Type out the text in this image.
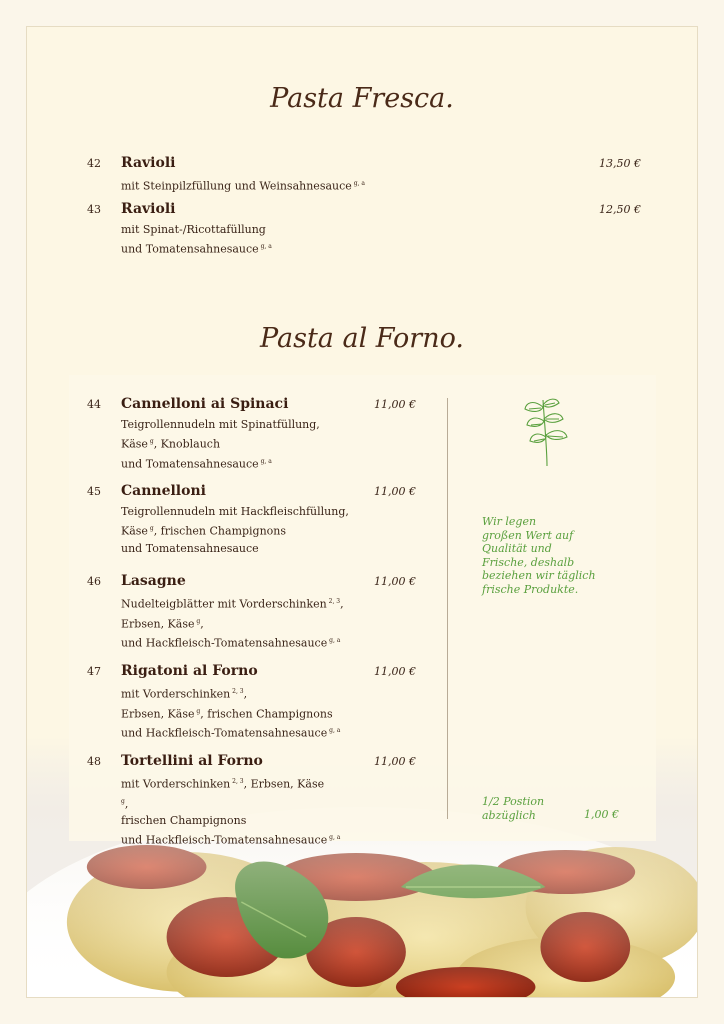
Pasta Fresca.
Pasta al Forno.
42 Ravioli
mit Steinpilzfüllung und Weinsahnesauce $^{g, a}$
13,50 €
43 Ravioli
mit Spinat-/Ricottafüllung
und Tomatensahnesauce $^{g, a}$
12,50 €
44 Cannelloni ai Spinaci
Teigrollennudeln mit Spinatfüllung,
Käse $^g$, Knoblauch
und Tomatensahnesauce $^{g, a}$
11,00 €
45 Cannelloni
Teigrollennudeln mit Hackfleischfüllung,
Käse $^g$, frischen Champignons
und Tomatensahnesauce
11,00 €
46 Lasagne
Nudelteigblätter mit Vorderschinken $^{2, 3}$,
Erbsen, Käse $^g$,
und Hackfleisch-Tomatensahnesauce $^{g, a}$
11,00 €
47 Rigatoni al Forno
mit Vorderschinken $^{2, 3}$,
Erbsen, Käse $^g$, frischen Champignons
und Hackfleisch-Tomatensahnesauce $^{g, a}$
11,00 €
48 Tortellini al Forno
mit Vorderschinken $^{2, 3}$, Erbsen, Käse
$^g$,
frischen Champignons
und Hackfleisch-Tomatensahnesauce $^{g, a}$
11,00 €
Wir legen
großen Wert auf
Qualität und
Frische, deshalb
beziehen wir täglich
frische Produkte.
1/2 Postion
abzüglich	1,00 €
